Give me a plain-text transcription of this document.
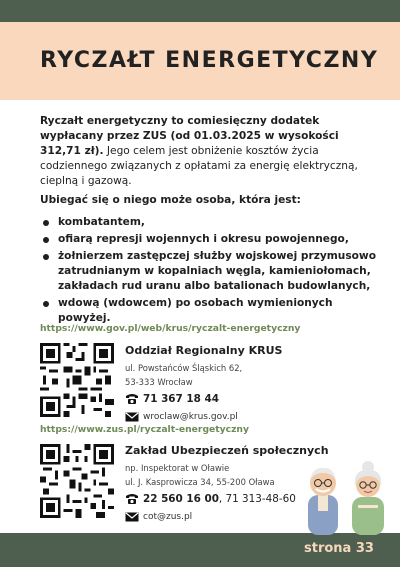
RYCZAŁT ENERGETYCZNY
Ryczałt energetyczny to comiesięczny dodatek wypłacany przez ZUS (od 01.03.2025 w wysokości 312,71 zł). Jego celem jest obniżenie kosztów życia codziennego związanych z opłatami za energię elektryczną, cieplną i gazową.
Ubiegać się o niego może osoba, która jest:
kombatantem,
ofiarą represji wojennych i okresu powojennego,
żołnierzem zastępczej służby wojskowej przymusowo zatrudnianym w kopalniach węgla, kamieniołomach, zakładach rud uranu albo batalionach budowlanych,
wdową (wdowcem) po osobach wymienionych powyżej.
https://www.gov.pl/web/krus/ryczalt-energetyczny
Oddział Regionalny KRUS
ul. Powstańców Śląskich 62,
53-333 Wrocław
71 367 18 44
wroclaw@krus.gov.pl
https://www.zus.pl/ryczalt-energetyczny
Zakład Ubezpieczeń społecznych
np. Inspektorat w Oławie
ul. J. Kasprowicza 34, 55-200 Oława
22 560 16 00 , 71 313-48-60
cot@zus.pl
strona 33
